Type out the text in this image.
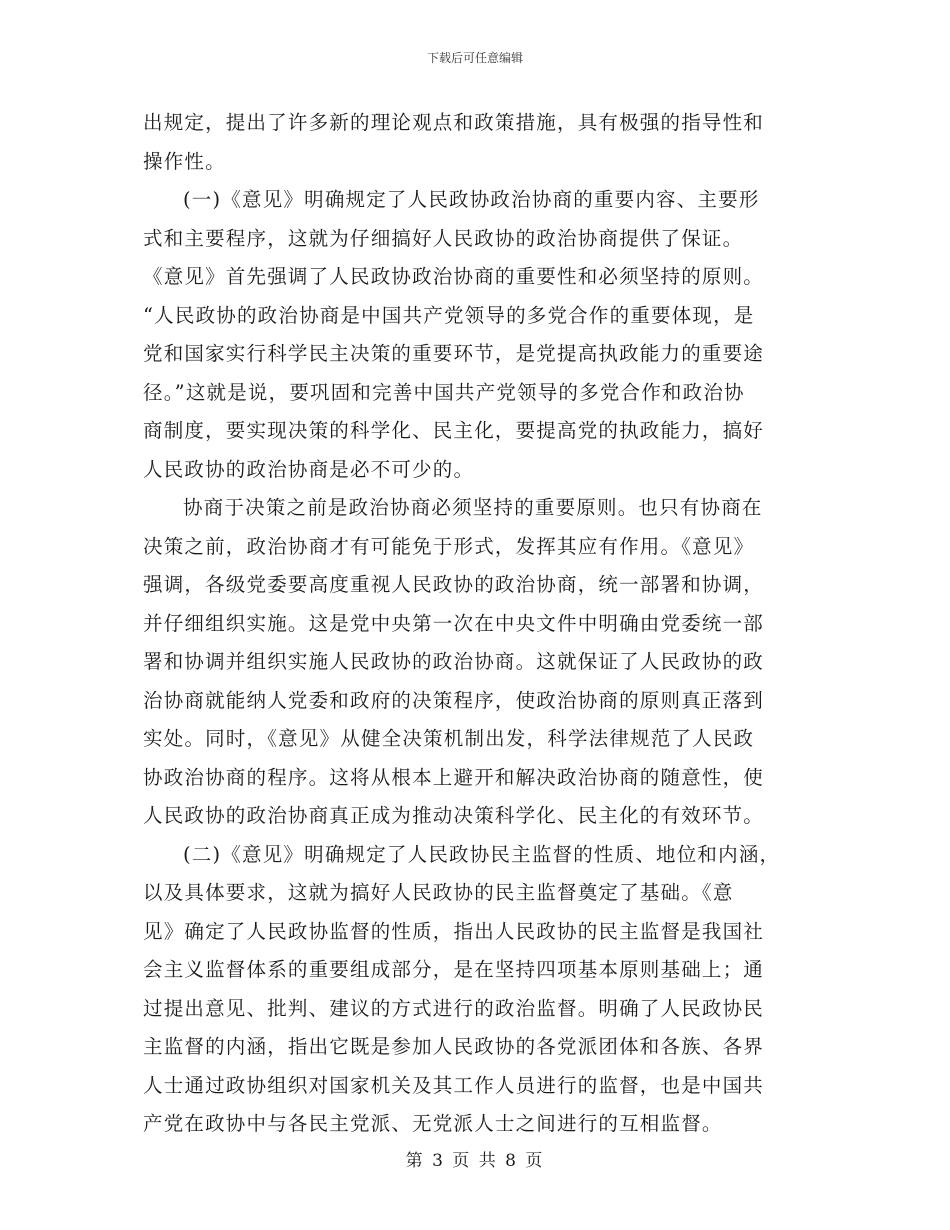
下载后可任意编辑
出规定，提出了许多新的理论观点和政策措施，具有极强的指导性和
操作性。
(一)《意见》明确规定了人民政协政治协商的重要内容、主要形
式和主要程序，这就为仔细搞好人民政协的政治协商提供了保证。
《意见》首先强调了人民政协政治协商的重要性和必须坚持的原则。
“人民政协的政治协商是中国共产党领导的多党合作的重要体现，是
党和国家实行科学民主决策的重要环节，是党提高执政能力的重要途
径。”这就是说，要巩固和完善中国共产党领导的多党合作和政治协
商制度，要实现决策的科学化、民主化，要提高党的执政能力，搞好
人民政协的政治协商是必不可少的。
协商于决策之前是政治协商必须坚持的重要原则。也只有协商在
决策之前，政治协商才有可能免于形式，发挥其应有作用。《意见》
强调，各级党委要高度重视人民政协的政治协商，统一部署和协调，
并仔细组织实施。这是党中央第一次在中央文件中明确由党委统一部
署和协调并组织实施人民政协的政治协商。这就保证了人民政协的政
治协商就能纳人党委和政府的决策程序，使政治协商的原则真正落到
实处。同时，《意见》从健全决策机制出发，科学法律规范了人民政
协政治协商的程序。这将从根本上避开和解决政治协商的随意性，使
人民政协的政治协商真正成为推动决策科学化、民主化的有效环节。
(二)《意见》明确规定了人民政协民主监督的性质、地位和内涵，
以及具体要求，这就为搞好人民政协的民主监督奠定了基础。《意
见》确定了人民政协监督的性质，指出人民政协的民主监督是我国社
会主义监督体系的重要组成部分，是在坚持四项基本原则基础上；通
过提出意见、批判、建议的方式进行的政治监督。明确了人民政协民
主监督的内涵，指出它既是参加人民政协的各党派团体和各族、各界
人士通过政协组织对国家机关及其工作人员进行的监督，也是中国共
产党在政协中与各民主党派、无党派人士之间进行的互相监督。
第 3 页 共 8 页
